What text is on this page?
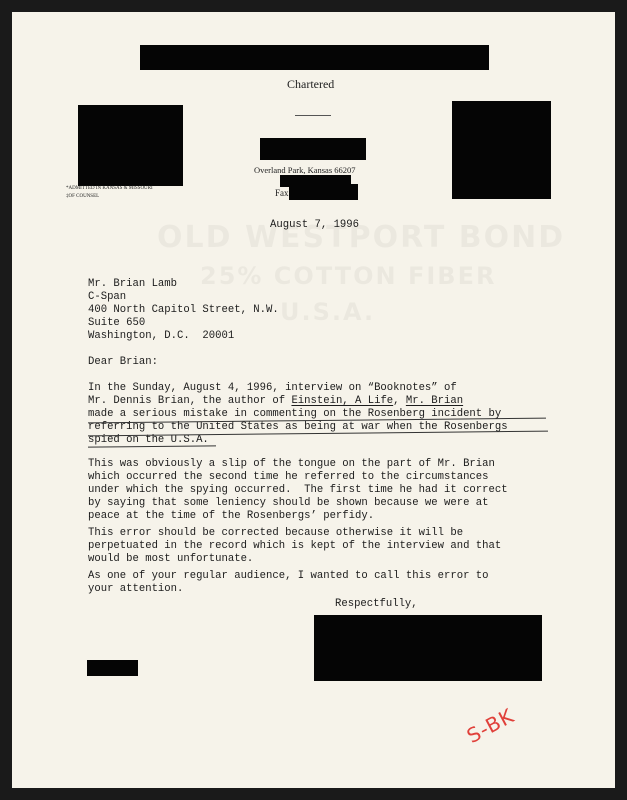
Chartered
Overland Park, Kansas 66207
Fax
*ADMITTED IN KANSAS & MISSOURI
‡OF COUNSEL
August 7, 1996
Mr. Brian Lamb
C-Span
400 North Capitol Street, N.W.
Suite 650
Washington, D.C.  20001
Dear Brian:
In the Sunday, August 4, 1996, interview on “Booknotes” of
Mr. Dennis Brian, the author of Einstein, A Life, Mr. Brian
made a serious mistake in commenting on the Rosenberg incident by
referring to the United States as being at war when the Rosenbergs
spied on the U.S.A.
This was obviously a slip of the tongue on the part of Mr. Brian
which occurred the second time he referred to the circumstances
under which the spying occurred.  The first time he had it correct
by saying that some leniency should be shown because we were at
peace at the time of the Rosenbergs’ perfidy.
This error should be corrected because otherwise it will be
perpetuated in the record which is kept of the interview and that
would be most unfortunate.
As one of your regular audience, I wanted to call this error to
your attention.
Respectfully,
S-BK
